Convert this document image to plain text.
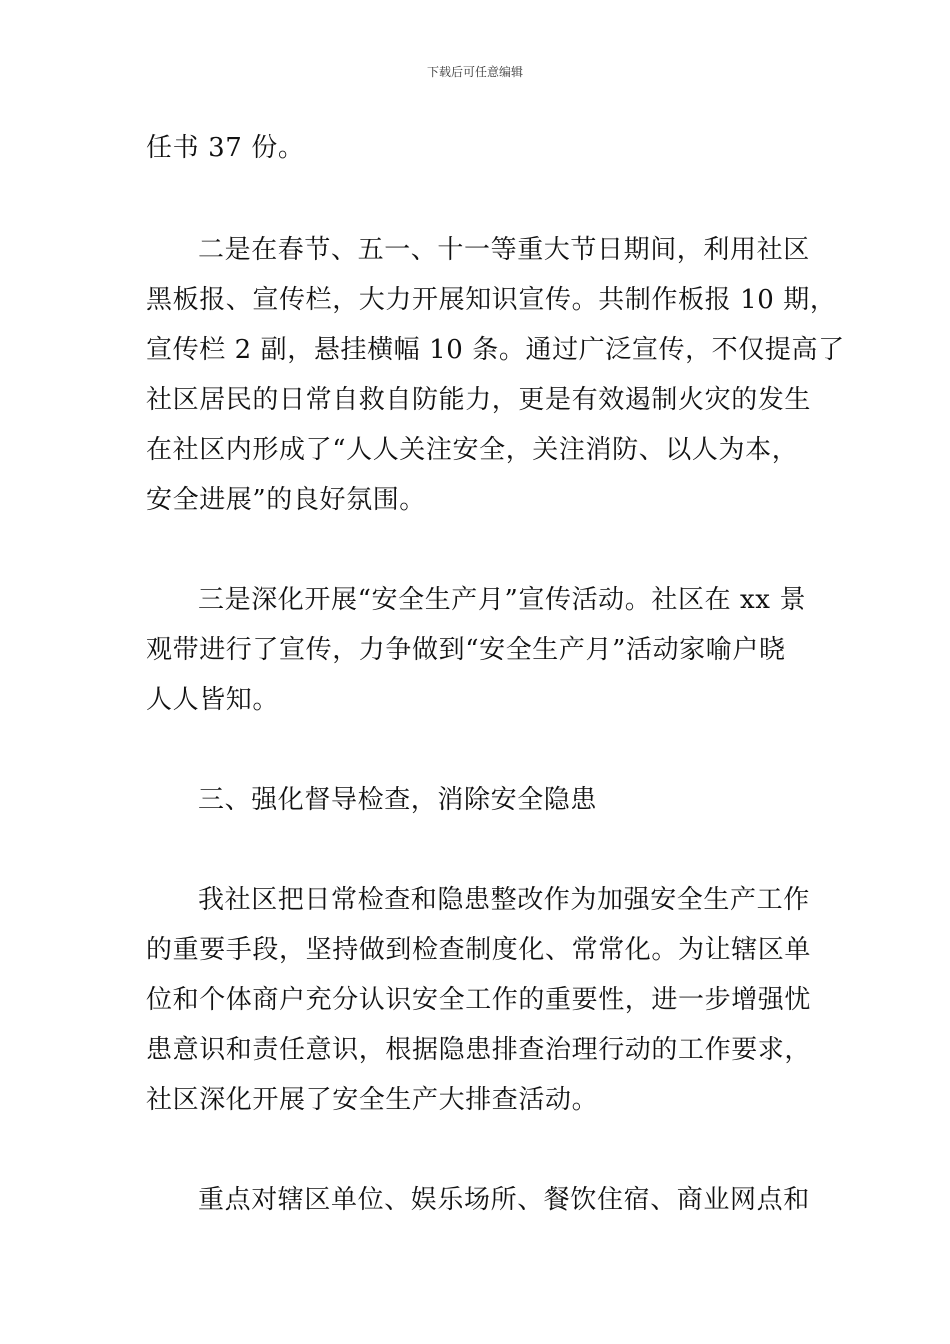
下载后可任意编辑
任书 37 份。
二是在春节、五一、十一等重大节日期间，利用社区
黑板报、宣传栏，大力开展知识宣传。共制作板报 10 期，
宣传栏 2 副，悬挂横幅 10 条。通过广泛宣传，不仅提高了
社区居民的日常自救自防能力，更是有效遏制火灾的发生
在社区内形成了“人人关注安全，关注消防、以人为本，
安全进展”的良好氛围。
三是深化开展“安全生产月”宣传活动。社区在 xx 景
观带进行了宣传，力争做到“安全生产月”活动家喻户晓
人人皆知。
三、强化督导检查，消除安全隐患
我社区把日常检查和隐患整改作为加强安全生产工作
的重要手段，坚持做到检查制度化、常常化。为让辖区单
位和个体商户充分认识安全工作的重要性，进一步增强忧
患意识和责任意识，根据隐患排查治理行动的工作要求，
社区深化开展了安全生产大排查活动。
重点对辖区单位、娱乐场所、餐饮住宿、商业网点和
